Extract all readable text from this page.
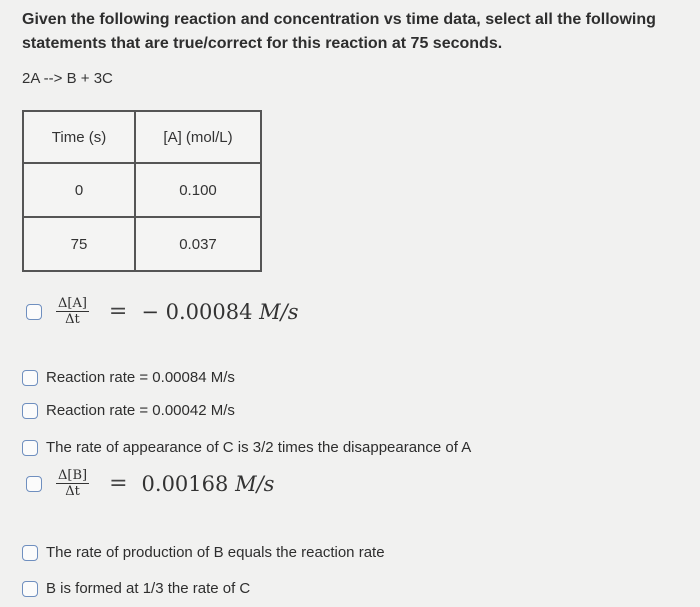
Given the following reaction and concentration vs time data, select all the following statements that are true/correct for this reaction at 75 seconds.
2A --> B + 3C
Time (s)	[A] (mol/L)
0	0.100
75	0.037
$\frac{\Delta[A]}{\Delta t}$ = − 0.00084 M/s
Reaction rate = 0.00084 M/s
Reaction rate = 0.00042 M/s
The rate of appearance of C is 3/2 times the disappearance of A
$\frac{\Delta[B]}{\Delta t} = 0.00168$ M/s
The rate of production of B equals the reaction rate
B is formed at 1/3 the rate of C
